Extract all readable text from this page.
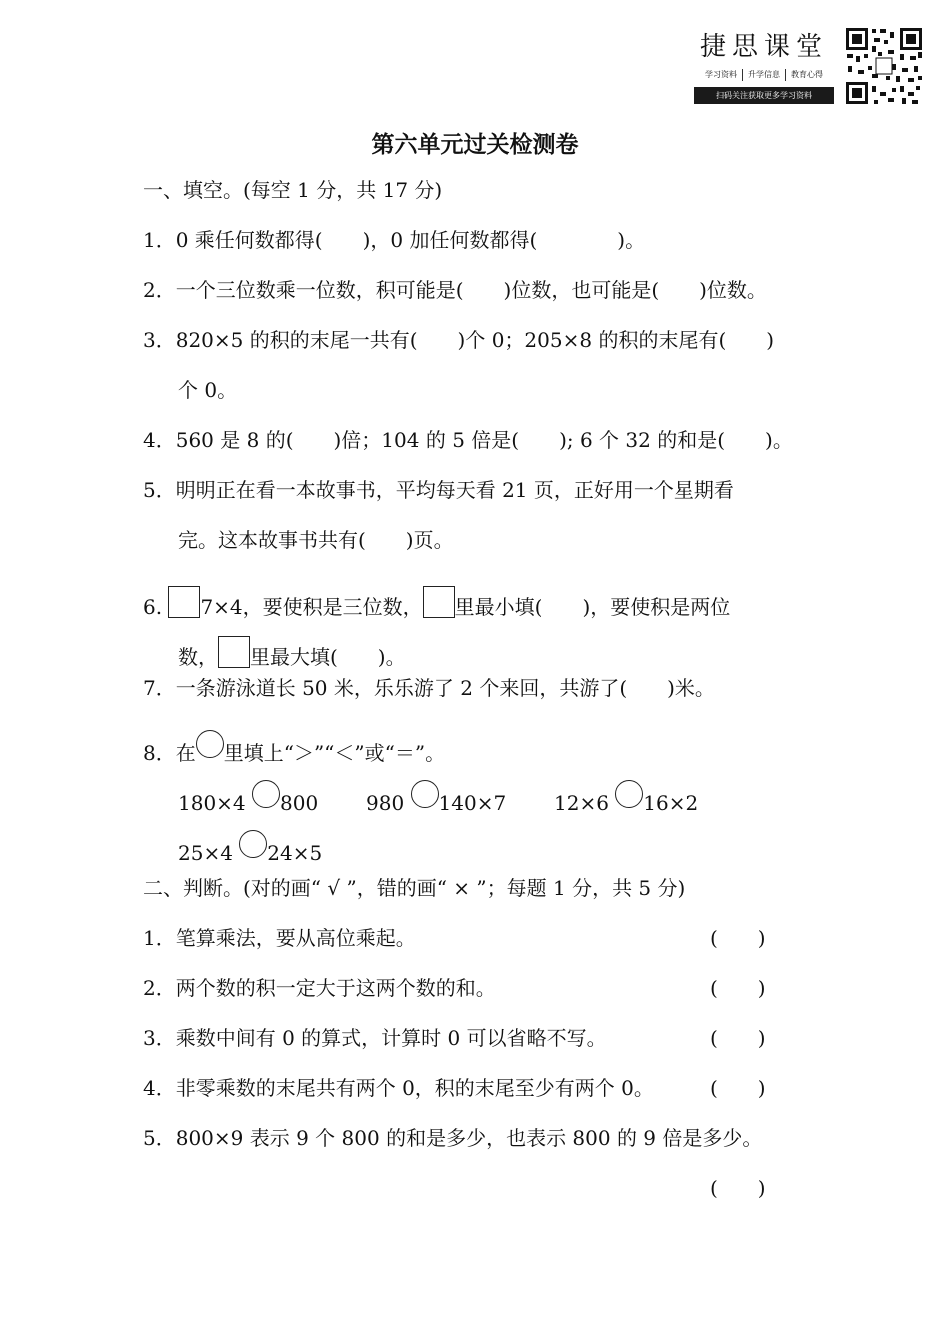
捷思课堂
学习资料	升学信息	教育心得
扫码关注获取更多学习资料
第六单元过关检测卷
一、填空。(每空 1 分，共 17 分)
1．0 乘任何数都得(　　)，0 加任何数都得(　　　　)。
2．一个三位数乘一位数，积可能是(　　)位数，也可能是(　　)位数。
3．820×5 的积的末尾一共有(　　)个 0；205×8 的积的末尾有(　　)
个 0。
4．560 是 8 的(　　)倍；104 的 5 倍是(　　); 6 个 32 的和是(　　)。
5．明明正在看一本故事书，平均每天看 21 页，正好用一个星期看
完。这本故事书共有(　　)页。
6. 7×4，要使积是三位数， 里最小填(　　)，要使积是两位
数， 里最大填(　　)。
7．一条游泳道长 50 米，乐乐游了 2 个来回，共游了(　　)米。
8．在 里填上“＞”“＜”或“＝”。
180×4 800 980 140×7 12×6 16×2
25×4 24×5
二、判断。(对的画“ √ ”，错的画“ × ”；每题 1 分，共 5 分)
1．笔算乘法，要从高位乘起。	(　　)
2．两个数的积一定大于这两个数的和。	(　　)
3．乘数中间有 0 的算式，计算时 0 可以省略不写。	(　　)
4．非零乘数的末尾共有两个 0，积的末尾至少有两个 0。	(　　)
5．800×9 表示 9 个 800 的和是多少，也表示 800 的 9 倍是多少。
(　　)
